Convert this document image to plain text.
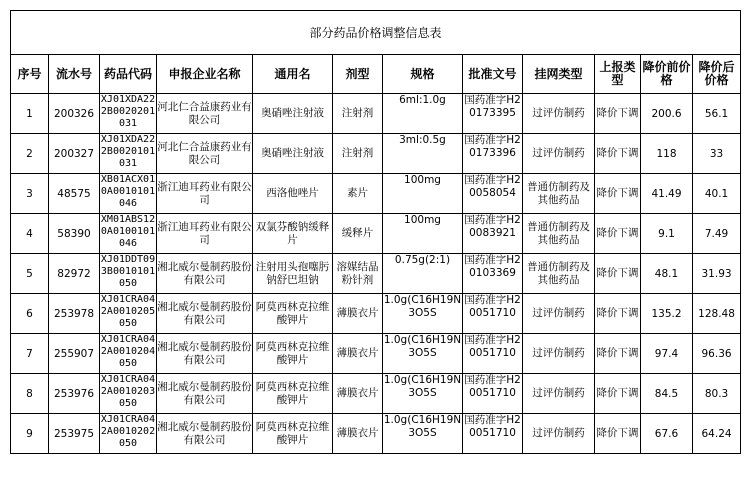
部分药品价格调整信息表											
序号	流水号	药品代码	申报企业名称	通用名	剂型	规格	批准文号	挂网类型	上报类型	降价前价格	降价后价格

1	200326	XJ01XDA222B0020201031	河北仁合益康药业有限公司	奥硝唑注射液	注射剂	6ml:1.0g	国药准字H20173395	过评仿制药	降价下调	200.6	56.1

2	200327	XJ01XDA222B0020101031	河北仁合益康药业有限公司	奥硝唑注射液	注射剂	3ml:0.5g	国药准字H20173396	过评仿制药	降价下调	118	33

3	48575	XB01ACX010A0010101046	浙江迪耳药业有限公司	西洛他唑片	素片	100mg	国药准字H20058054	普通仿制药及其他药品	降价下调	41.49	40.1

4	58390	XM01ABS120A0100101046	浙江迪耳药业有限公司	双氯芬酸钠缓释片	缓释片	100mg	国药准字H20083921	普通仿制药及其他药品	降价下调	9.1	7.49

5	82972	XJ01DDT093B0010101050	湘北威尔曼制药股份有限公司	注射用头孢噻肟钠舒巴坦钠	溶媒结晶粉针剂	0.75g(2:1)	国药准字H20103369	普通仿制药及其他药品	降价下调	48.1	31.93

6	253978	XJ01CRA042A0010205050	湘北威尔曼制药股份有限公司	阿莫西林克拉维酸钾片	薄膜衣片	1.0g(C16H19N3O5S	国药准字H20051710	过评仿制药	降价下调	135.2	128.48

7	255907	XJ01CRA042A0010204050	湘北威尔曼制药股份有限公司	阿莫西林克拉维酸钾片	薄膜衣片	1.0g(C16H19N3O5S	国药准字H20051710	过评仿制药	降价下调	97.4	96.36

8	253976	XJ01CRA042A0010203050	湘北威尔曼制药股份有限公司	阿莫西林克拉维酸钾片	薄膜衣片	1.0g(C16H19N3O5S	国药准字H20051710	过评仿制药	降价下调	84.5	80.3

9	253975	XJ01CRA042A0010202050	湘北威尔曼制药股份有限公司	阿莫西林克拉维酸钾片	薄膜衣片	1.0g(C16H19N3O5S	国药准字H20051710	过评仿制药	降价下调	67.6	64.24
